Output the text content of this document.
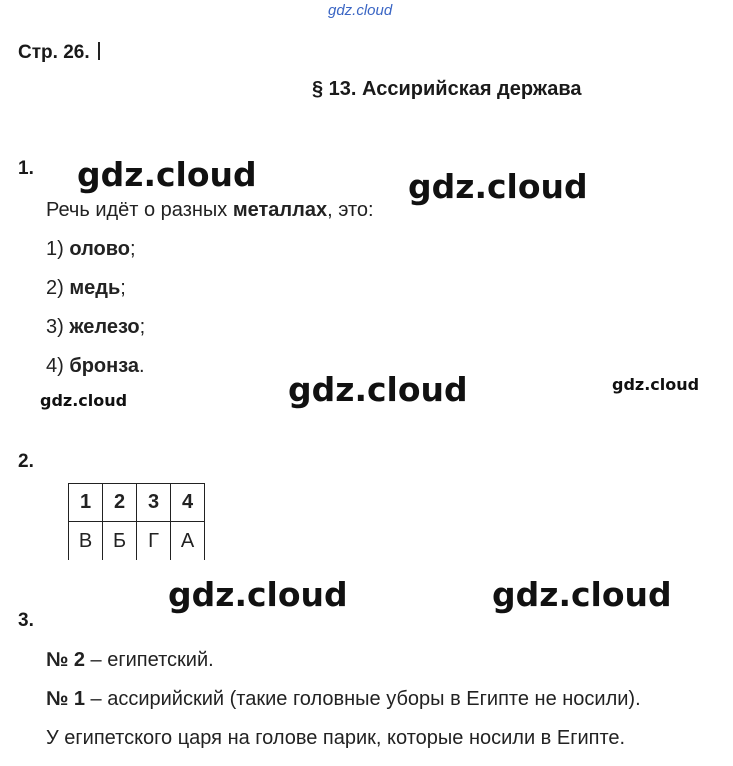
gdz.cloud
Стр. 26.
§ 13. Ассирийская держава
1.
Речь идёт о разных металлах, это:
1) олово;
2) медь;
3) железо;
4) бронза.
2.
1	2	3	4
В	Б	Г	А
3.
№ 2 – египетский.
№ 1 – ассирийский (такие головные уборы в Египте не носили).
У египетского царя на голове парик, которые носили в Египте.
gdz.cloud	gdz.cloud
gdz.cloud	gdz.cloud
gdz.cloud
gdz.cloud	gdz.cloud
